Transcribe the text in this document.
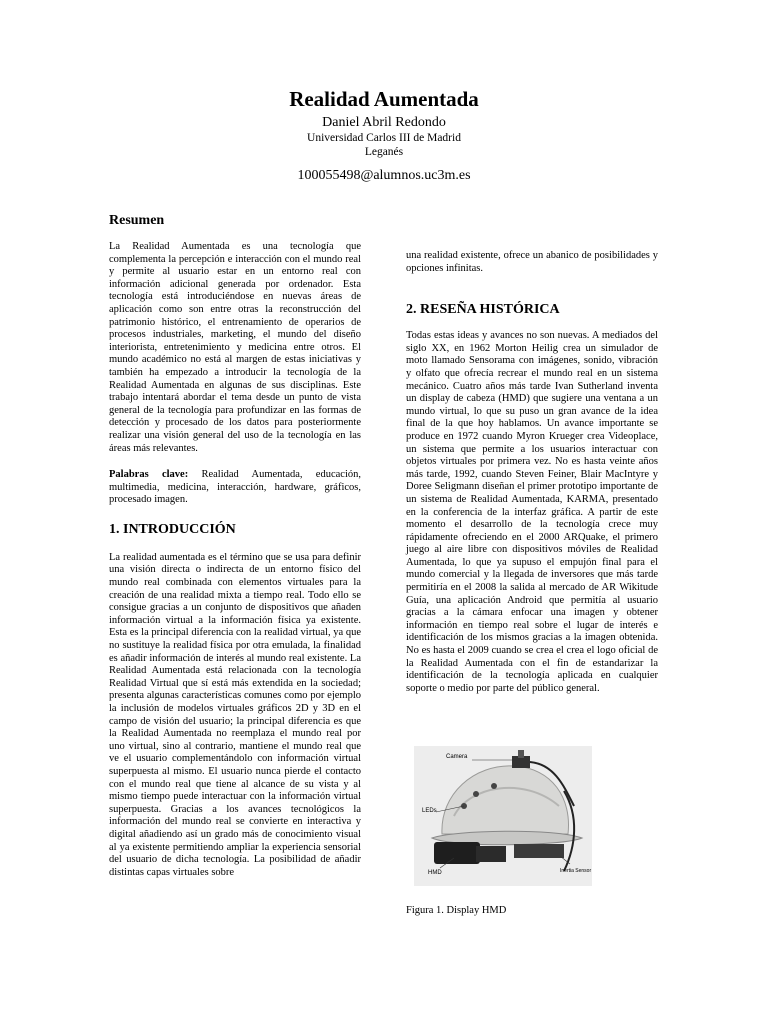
Realidad Aumentada
Daniel Abril Redondo
Universidad Carlos III de Madrid
Leganés
100055498@alumnos.uc3m.es
Resumen

La Realidad Aumentada es una tecnología que complementa la percepción e interacción con el mundo real y permite al usuario estar en un entorno real con información adicional generada por ordenador. Esta tecnología está introduciéndose en nuevas áreas de aplicación como son entre otras la reconstrucción del patrimonio histórico, el entrenamiento de operarios de procesos industriales, marketing, el mundo del diseño interiorista, entretenimiento y medicina entre otros. El mundo académico no está al margen de estas iniciativas y también ha empezado a introducir la tecnología de la Realidad Aumentada en algunas de sus disciplinas. Este trabajo intentará abordar el tema desde un punto de vista general de la tecnología para profundizar en las formas de detección y procesado de los datos para posteriormente realizar una visión general del uso de la tecnología en las áreas más relevantes.

Palabras clave: Realidad Aumentada, educación, multimedia, medicina, interacción, hardware, gráficos, procesado imagen.

1. INTRODUCCIÓN

La realidad aumentada es el término que se usa para definir una visión directa o indirecta de un entorno físico del mundo real combinada con elementos virtuales para la creación de una realidad mixta a tiempo real. Todo ello se consigue gracias a un conjunto de dispositivos que añaden información virtual a la información física ya existente. Esta es la principal diferencia con la realidad virtual, ya que no sustituye la realidad física por otra emulada, la finalidad es añadir información de interés al mundo real existente. La Realidad Aumentada está relacionada con la tecnología Realidad Virtual que sí está más extendida en la sociedad; presenta algunas características comunes como por ejemplo la inclusión de modelos virtuales gráficos 2D y 3D en el campo de visión del usuario; la principal diferencia es que la Realidad Aumentada no reemplaza el mundo real por uno virtual, sino al contrario, mantiene el mundo real que ve el usuario complementándolo con información virtual superpuesta al mismo. El usuario nunca pierde el contacto con el mundo real que tiene al alcance de su vista y al mismo tiempo puede interactuar con la información virtual superpuesta. Gracias a los avances tecnológicos la información del mundo real se convierte en interactiva y digital añadiendo así un grado más de conocimiento visual al ya existente permitiendo ampliar la experiencia sensorial del usuario de dicha tecnología. La posibilidad de añadir distintas capas virtuales sobre

una realidad existente, ofrece un abanico de posibilidades y opciones infinitas.

2. RESEÑA HISTÓRICA

Todas estas ideas y avances no son nuevas. A mediados del siglo XX, en 1962 Morton Heilig crea un simulador de moto llamado Sensorama con imágenes, sonido, vibración y olfato que ofrecía recrear el mundo real en un sistema mecánico. Cuatro años más tarde Ivan Sutherland inventa un display de cabeza (HMD) que sugiere una ventana a un mundo virtual, lo que su puso un gran avance de la idea final de la que hoy hablamos. Un avance importante se produce en 1972 cuando Myron Krueger crea Videoplace, un sistema que permite a los usuarios interactuar con objetos virtuales por primera vez. No es hasta veinte años más tarde, 1992, cuando Steven Feiner, Blair MacIntyre y Doree Seligmann diseñan el primer prototipo importante de un sistema de Realidad Aumentada, KARMA, presentado en la conferencia de la interfaz gráfica. A partir de este momento el desarrollo de la tecnología crece muy rápidamente ofreciendo en el 2000 ARQuake, el primero juego al aire libre con dispositivos móviles de Realidad Aumentada, lo que ya supuso el empujón final para el mundo comercial y la llegada de inversores que más tarde permitiría en el 2008 la salida al mercado de AR Wikitude Guía, una aplicación Android que permitía al usuario gracias a la cámara enfocar una imagen y obtener información en tiempo real sobre el lugar de interés e identificación de los mismos gracias a la imagen obtenida. No es hasta el 2009 cuando se crea el crea el logo oficial de la Realidad Aumentada con el fin de estandarizar la identificación de la tecnología aplicada en cualquier soporte o medio por parte del público general.

Camera
LEDs
HMD	Inertia Sensor
Figura 1. Display HMD
